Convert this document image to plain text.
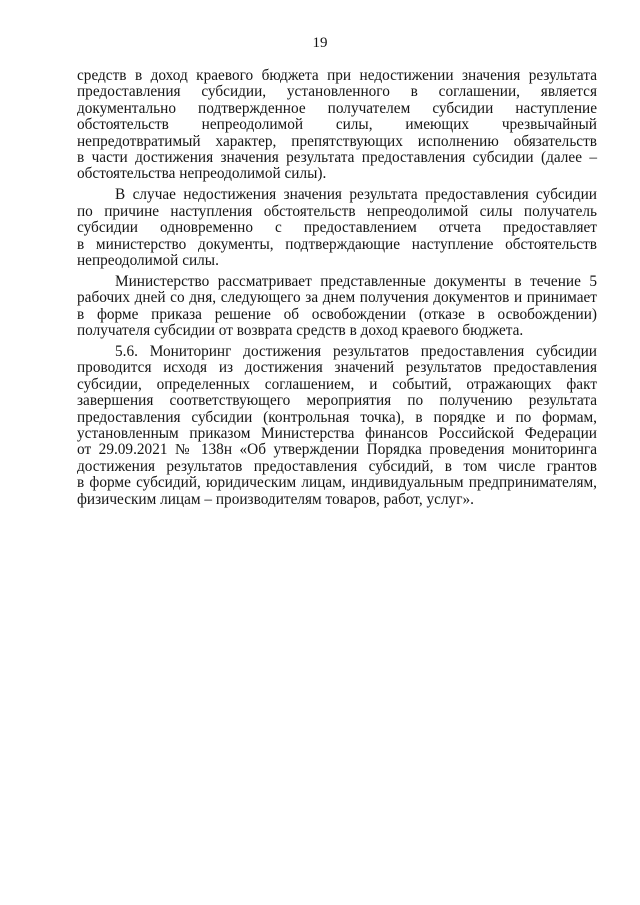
19

средств в доход краевого бюджета при недостижении значения результата
предоставления субсидии, установленного в соглашении, является
документально подтвержденное получателем субсидии наступление
обстоятельств непреодолимой силы, имеющих чрезвычайный
непредотвратимый характер, препятствующих исполнению обязательств
в части достижения значения результата предоставления субсидии (далее –
обстоятельства непреодолимой силы).

В случае недостижения значения результата предоставления субсидии
по причине наступления обстоятельств непреодолимой силы получатель
субсидии одновременно с предоставлением отчета предоставляет
в министерство документы, подтверждающие наступление обстоятельств
непреодолимой силы.

Министерство рассматривает представленные документы в течение 5
рабочих дней со дня, следующего за днем получения документов и принимает
в форме приказа решение об освобождении (отказе в освобождении)
получателя субсидии от возврата средств в доход краевого бюджета.

5.6. Мониторинг достижения результатов предоставления субсидии
проводится исходя из достижения значений результатов предоставления
субсидии, определенных соглашением, и событий, отражающих факт
завершения соответствующего мероприятия по получению результата
предоставления субсидии (контрольная точка), в порядке и по формам,
установленным приказом Министерства финансов Российской Федерации
от 29.09.2021 № 138н «Об утверждении Порядка проведения мониторинга
достижения результатов предоставления субсидий, в том числе грантов
в форме субсидий, юридическим лицам, индивидуальным предпринимателям,
физическим лицам – производителям товаров, работ, услуг».
